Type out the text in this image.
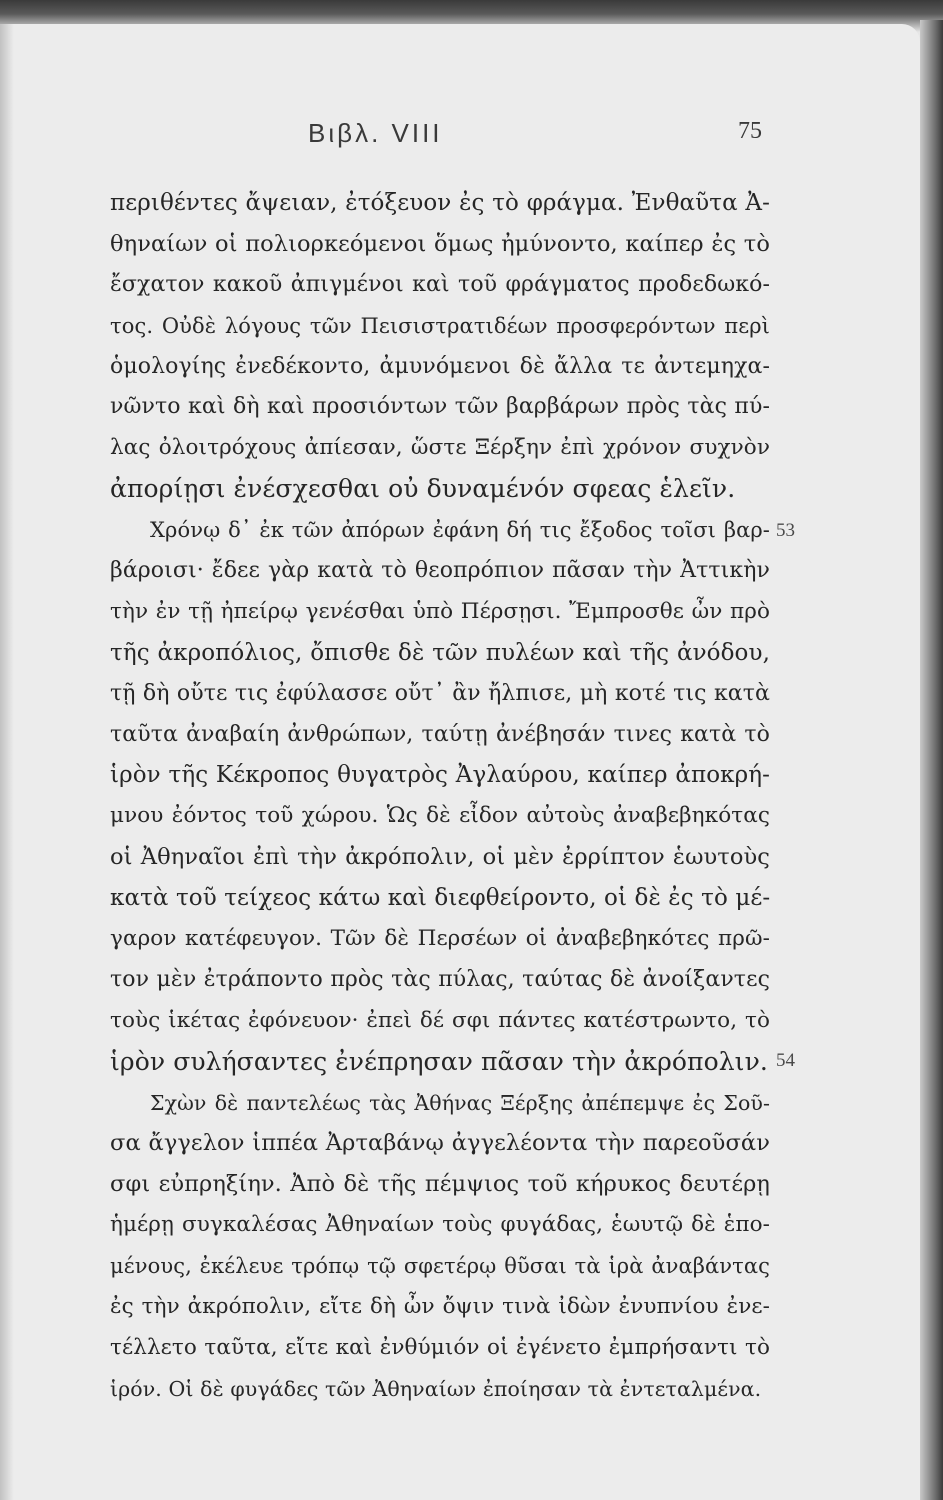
Βιβλ. VIII	75
περιθέντες ἄψειαν, ἐτόξευον ἐς τὸ φράγμα. Ἐνθαῦτα Ἀ-
θηναίων οἱ πολιορκεόμενοι ὅμως ἠμύνοντο, καίπερ ἐς τὸ
ἔσχατον κακοῦ ἀπιγμένοι καὶ τοῦ φράγματος προδεδωκό-
τος. Οὐδὲ λόγους τῶν Πεισιστρατιδέων προσφερόντων περὶ
ὁμολογίης ἐνεδέκοντο, ἀμυνόμενοι δὲ ἄλλα τε ἀντεμηχα-
νῶντο καὶ δὴ καὶ προσιόντων τῶν βαρβάρων πρὸς τὰς πύ-
λας ὀλοιτρόχους ἀπίεσαν, ὥστε Ξέρξην ἐπὶ χρόνον συχνὸν
ἀπορίῃσι ἐνέσχεσθαι οὐ δυναμένόν σφεας ἑλεῖν.
Χρόνῳ δ᾽ ἐκ τῶν ἀπόρων ἐφάνη δή τις ἔξοδος τοῖσι βαρ-
βάροισι· ἔδεε γὰρ κατὰ τὸ θεοπρόπιον πᾶσαν τὴν Ἀττικὴν
τὴν ἐν τῇ ἠπείρῳ γενέσθαι ὑπὸ Πέρσῃσι. Ἔμπροσθε ὦν πρὸ
τῆς ἀκροπόλιος, ὄπισθε δὲ τῶν πυλέων καὶ τῆς ἀνόδου,
τῇ δὴ οὔτε τις ἐφύλασσε οὔτ᾽ ἂν ἤλπισε, μὴ κοτέ τις κατὰ
ταῦτα ἀναβαίη ἀνθρώπων, ταύτῃ ἀνέβησάν τινες κατὰ τὸ
ἱρὸν τῆς Κέκροπος θυγατρὸς Ἀγλαύρου, καίπερ ἀποκρή-
μνου ἐόντος τοῦ χώρου. Ὡς δὲ εἶδον αὐτοὺς ἀναβεβηκότας
οἱ Ἀθηναῖοι ἐπὶ τὴν ἀκρόπολιν, οἱ μὲν ἐρρίπτον ἑωυτοὺς
κατὰ τοῦ τείχεος κάτω καὶ διεφθείροντο, οἱ δὲ ἐς τὸ μέ-
γαρον κατέφευγον. Τῶν δὲ Περσέων οἱ ἀναβεβηκότες πρῶ-
τον μὲν ἐτράποντο πρὸς τὰς πύλας, ταύτας δὲ ἀνοίξαντες
τοὺς ἱκέτας ἐφόνευον· ἐπεὶ δέ σφι πάντες κατέστρωντο, τὸ
ἱρὸν συλήσαντες ἐνέπρησαν πᾶσαν τὴν ἀκρόπολιν.
Σχὼν δὲ παντελέως τὰς Ἀθήνας Ξέρξης ἀπέπεμψε ἐς Σοῦ-
σα ἄγγελον ἱππέα Ἀρταβάνῳ ἀγγελέοντα τὴν παρεοῦσάν
σφι εὐπρηξίην. Ἀπὸ δὲ τῆς πέμψιος τοῦ κήρυκος δευτέρῃ
ἡμέρῃ συγκαλέσας Ἀθηναίων τοὺς φυγάδας, ἑωυτῷ δὲ ἑπο-
μένους, ἐκέλευε τρόπῳ τῷ σφετέρῳ θῦσαι τὰ ἱρὰ ἀναβάντας
ἐς τὴν ἀκρόπολιν, εἴτε δὴ ὦν ὄψιν τινὰ ἰδὼν ἐνυπνίου ἐνε-
τέλλετο ταῦτα, εἴτε καὶ ἐνθύμιόν οἱ ἐγένετο ἐμπρήσαντι τὸ
ἱρόν. Οἱ δὲ φυγάδες τῶν Ἀθηναίων ἐποίησαν τὰ ἐντεταλμένα.
53
54
